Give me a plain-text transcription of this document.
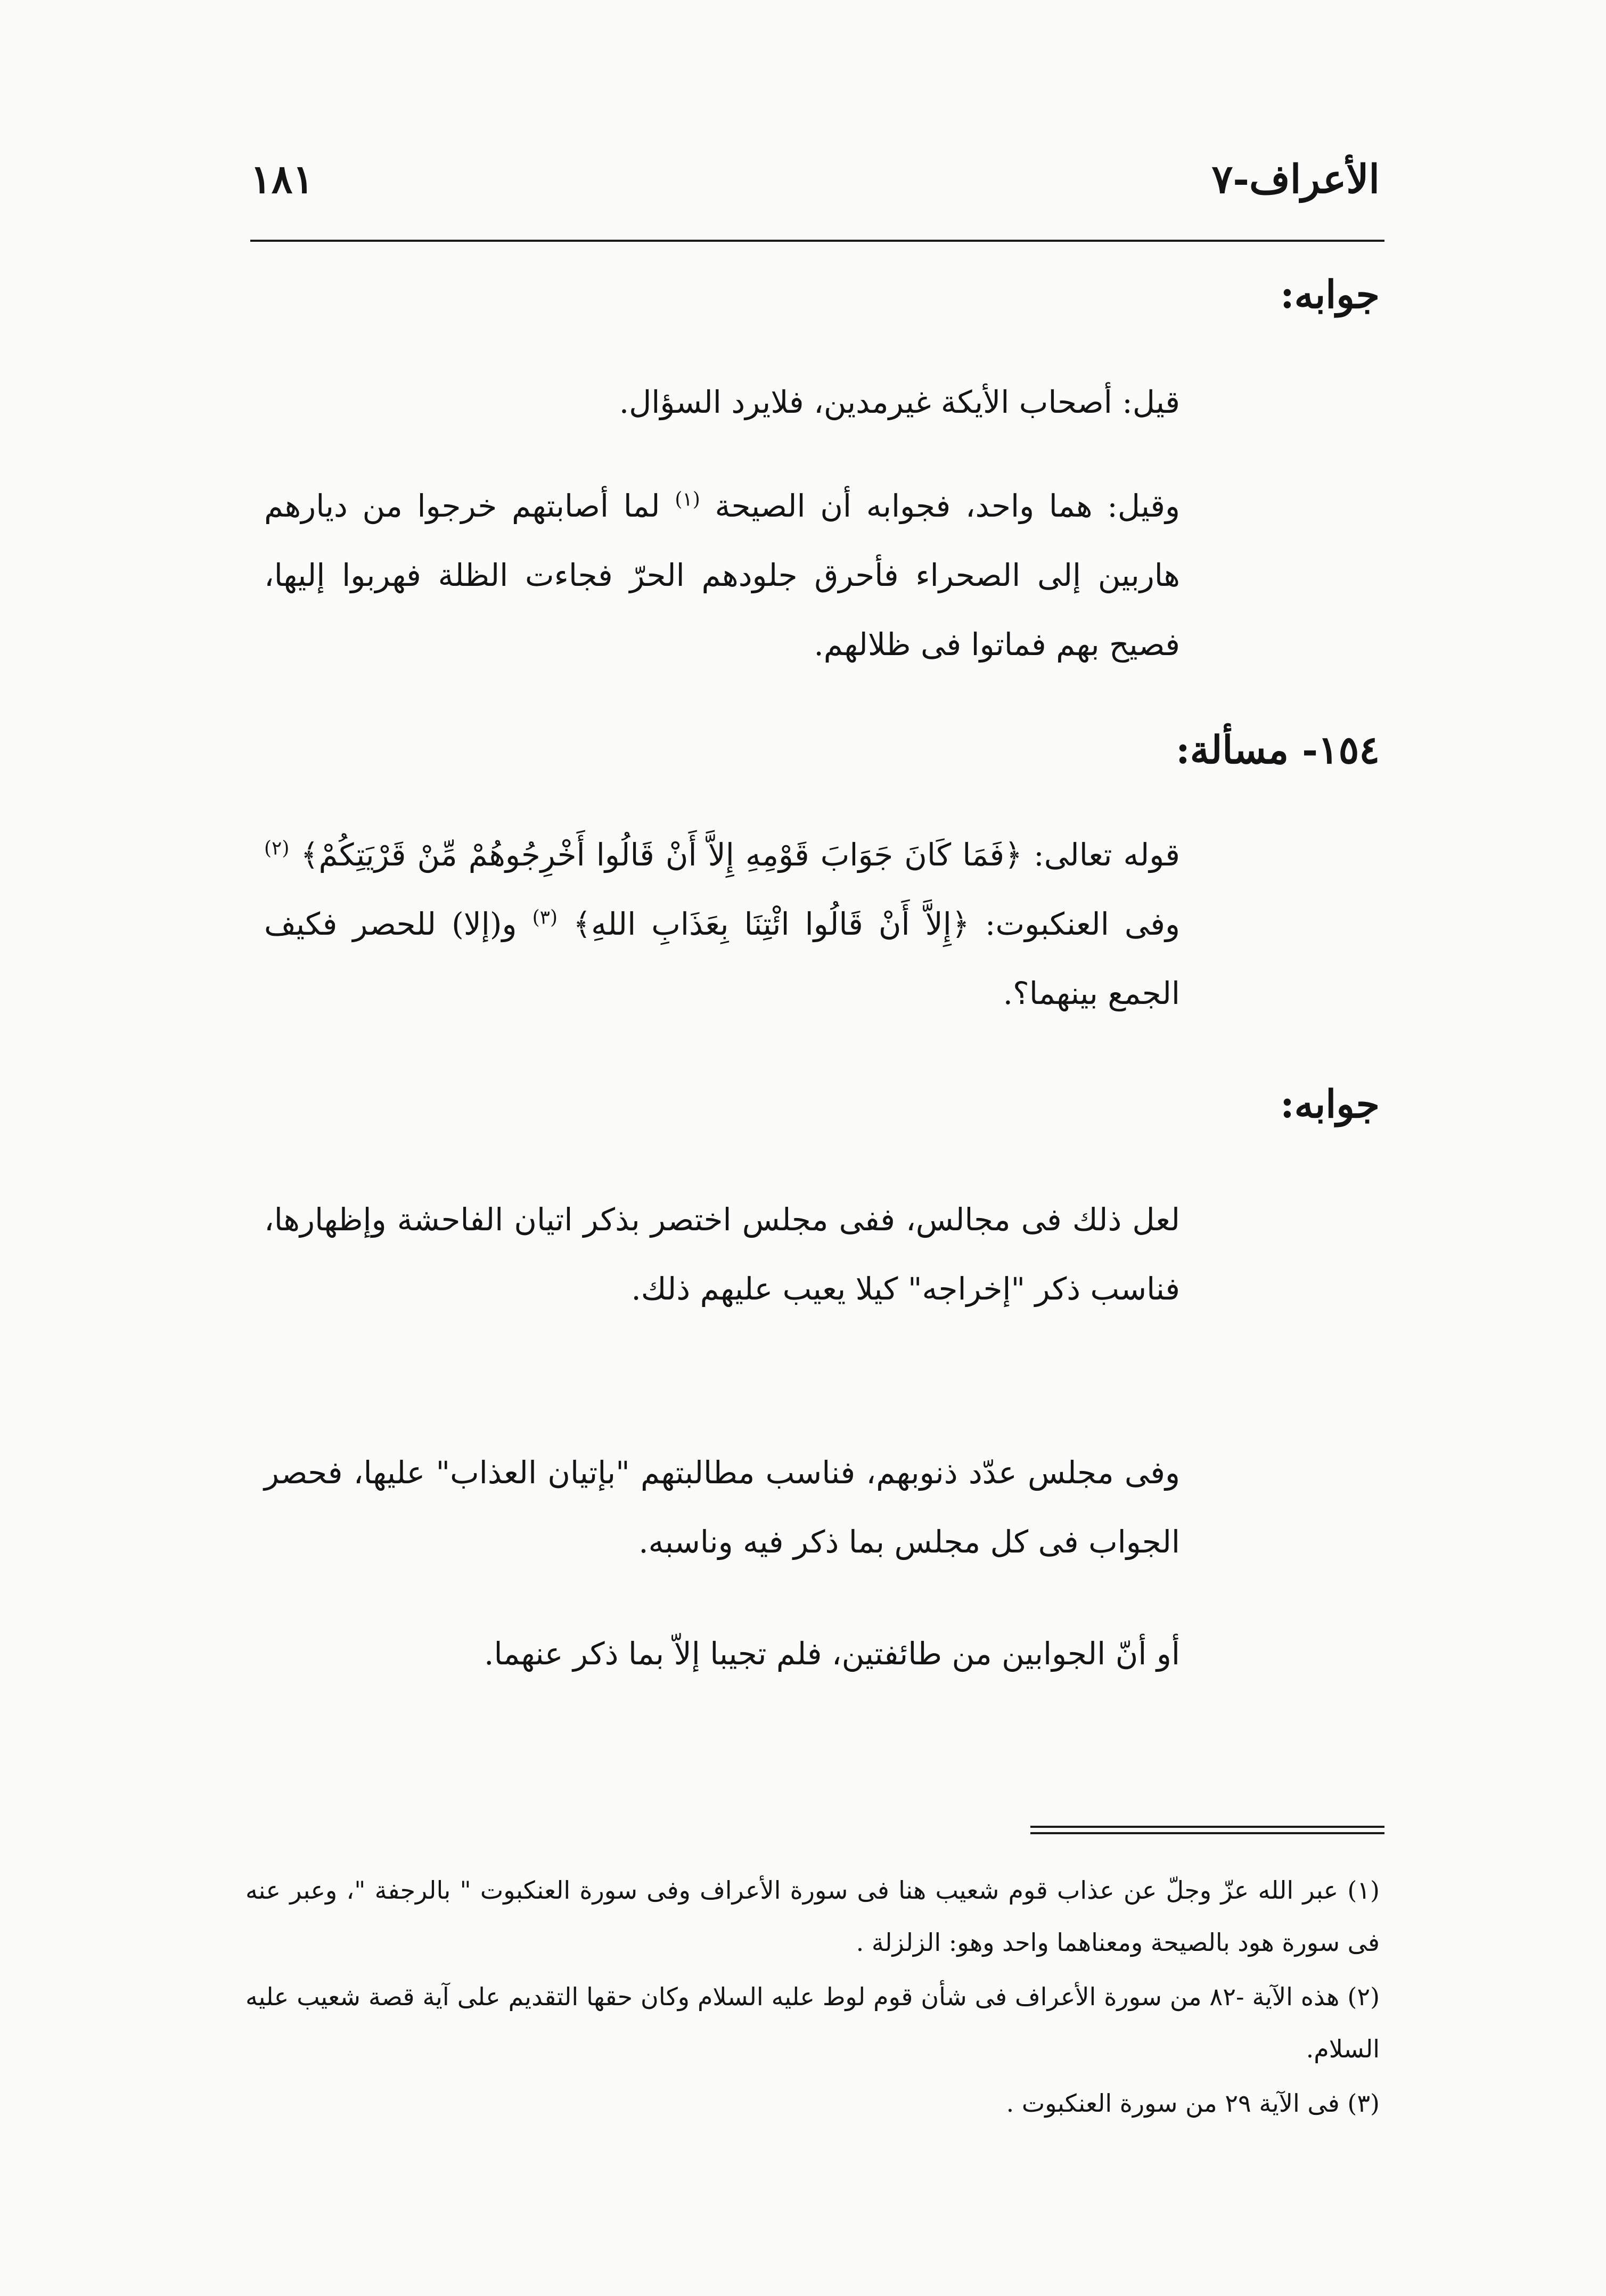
١٨١	الأعراف-٧
جوابه:

قيل: أصحاب الأيكة غيرمدين، فلايرد السؤال.

وقيل: هما واحد، فجوابه أن الصيحة $^{(١)}$ لما أصابتهم خرجوا من ديارهم هاربين إلى الصحراء فأحرق جلودهم الحرّ فجاءت الظلة فهربوا إليها، فصيح بهم فماتوا فى ظلالهم.

١٥٤- مسألة:

قوله تعالى: ﴿فَمَا كَانَ جَوَابَ قَوْمِهِ إِلاَّ أَنْ قَالُوا أَخْرِجُوهُمْ مِّنْ قَرْيَتِكُمْ﴾ $^{(٢)}$ وفى العنكبوت: ﴿إِلاَّ أَنْ قَالُوا ائْتِنَا بِعَذَابِ اللهِ﴾ $^{(٣)}$ و(إلا) للحصر فكيف الجمع بينهما؟.

جوابه:

لعل ذلك فى مجالس، ففى مجلس اختصر بذكر اتيان الفاحشة وإظهارها، فناسب ذكر "إخراجه" كيلا يعيب عليهم ذلك.

وفى مجلس عدّد ذنوبهم، فناسب مطالبتهم "بإتيان العذاب" عليها، فحصر الجواب فى كل مجلس بما ذكر فيه وناسبه.

أو أنّ الجوابين من طائفتين، فلم تجيبا إلاّ بما ذكر عنهما.

(١) عبر الله عزّ وجلّ عن عذاب قوم شعيب هنا فى سورة الأعراف وفى سورة العنكبوت " بالرجفة "، وعبر عنه فى سورة هود بالصيحة ومعناهما واحد وهو: الزلزلة .

(٢) هذه الآية -٨٢ من سورة الأعراف فى شأن قوم لوط عليه السلام وكان حقها التقديم على آية قصة شعيب عليه السلام.

(٣) فى الآية ٢٩ من سورة العنكبوت .
